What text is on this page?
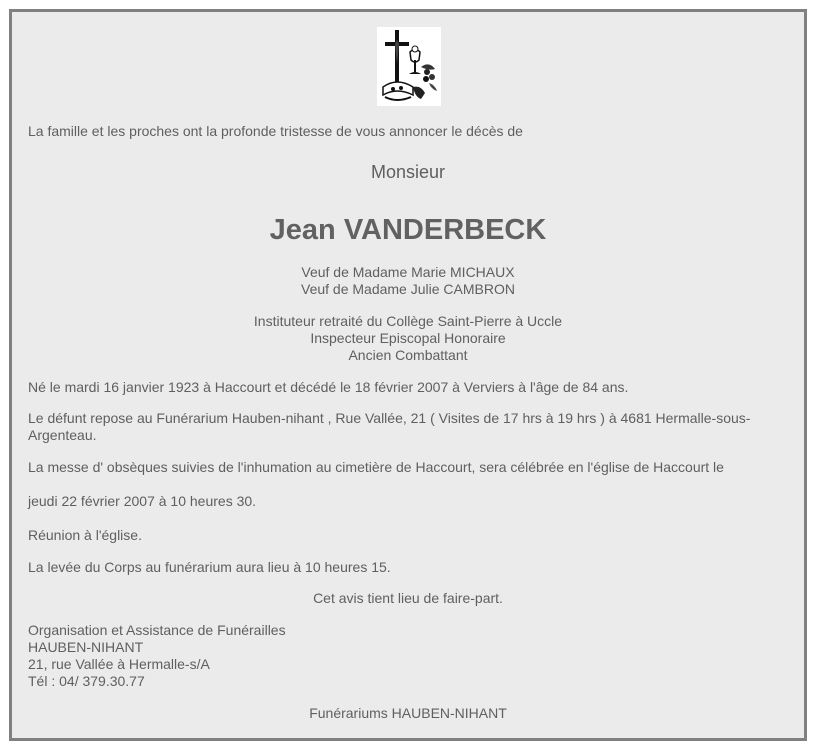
La famille et les proches ont la profonde tristesse de vous annoncer le décès de
Monsieur
Jean VANDERBECK
Veuf de Madame Marie MICHAUX
Veuf de Madame Julie CAMBRON
Instituteur retraité du Collège Saint-Pierre à Uccle
Inspecteur Episcopal Honoraire
Ancien Combattant
Né le mardi 16 janvier 1923 à Haccourt et décédé le 18 février 2007 à Verviers à l'âge de 84 ans.
Le défunt repose au Funérarium Hauben-nihant , Rue Vallée, 21 ( Visites de 17 hrs à 19 hrs ) à 4681 Hermalle-sous-Argenteau.
La messe d' obsèques suivies de l'inhumation au cimetière de Haccourt, sera célébrée en l'église de Haccourt le
jeudi 22 février 2007 à 10 heures 30.
Réunion à l'église.
La levée du Corps au funérarium aura lieu à 10 heures 15.
Cet avis tient lieu de faire-part.
Organisation et Assistance de Funérailles
HAUBEN-NIHANT
21, rue Vallée à Hermalle-s/A
Tél : 04/ 379.30.77
Funérariums HAUBEN-NIHANT
